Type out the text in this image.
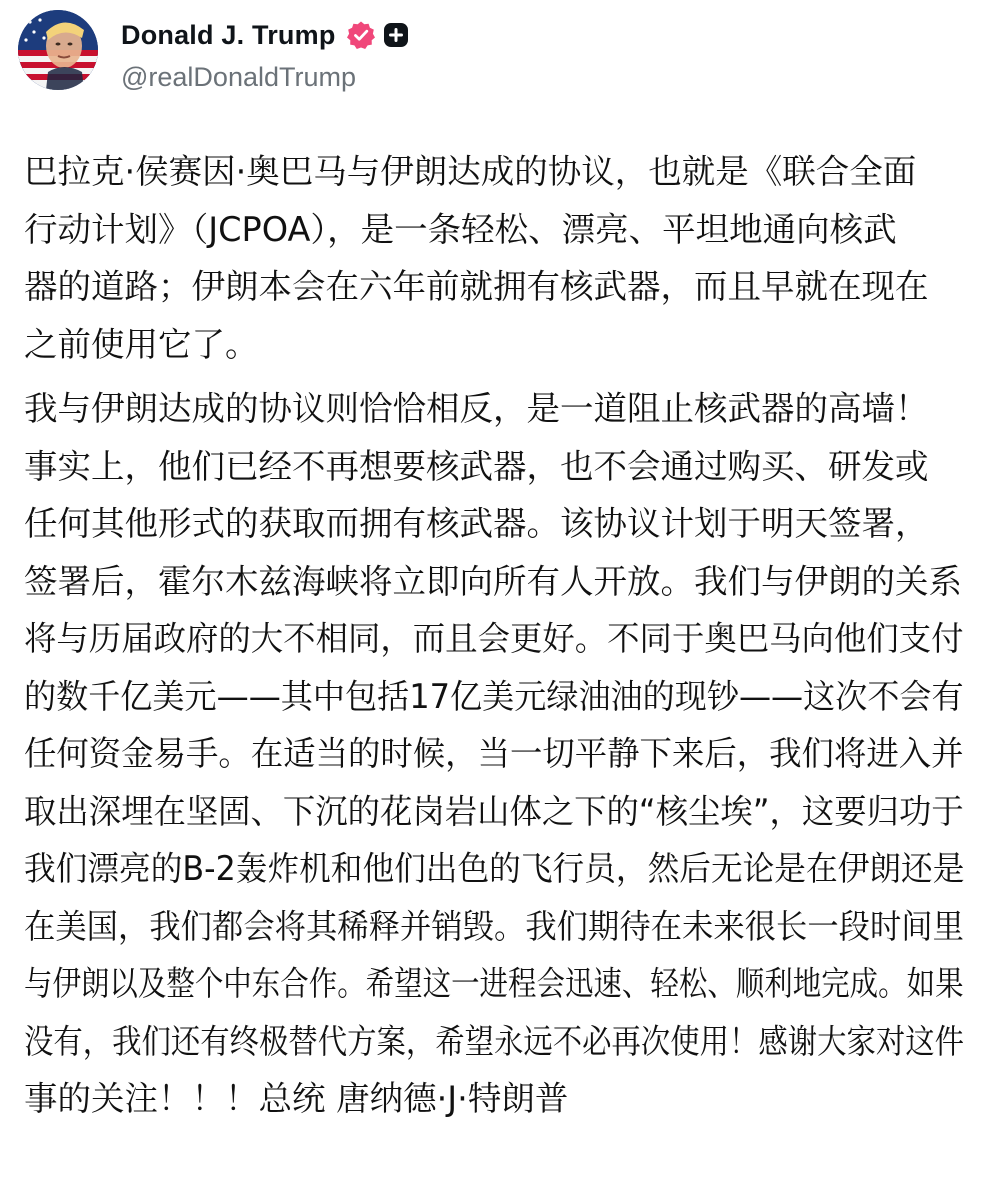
Donald J. Trump
@realDonaldTrump

巴拉克·侯赛因·奥巴马与伊朗达成的协议，也就是《联合全面
行动计划》（JCPOA），是一条轻松、漂亮、平坦地通向核武
器的道路；伊朗本会在六年前就拥有核武器，而且早就在现在
之前使用它了。

我与伊朗达成的协议则恰恰相反，是一道阻止核武器的高墙！
事实上，他们已经不再想要核武器，也不会通过购买、研发或
任何其他形式的获取而拥有核武器。该协议计划于明天签署，
签署后，霍尔木兹海峡将立即向所有人开放。我们与伊朗的关系
将与历届政府的大不相同，而且会更好。不同于奥巴马向他们支付
的数千亿美元——其中包括17亿美元绿油油的现钞——这次不会有
任何资金易手。在适当的时候，当一切平静下来后，我们将进入并
取出深埋在坚固、下沉的花岗岩山体之下的“核尘埃”，这要归功于
我们漂亮的B-2轰炸机和他们出色的飞行员，然后无论是在伊朗还是
在美国，我们都会将其稀释并销毁。我们期待在未来很长一段时间里
与伊朗以及整个中东合作。希望这一进程会迅速、轻松、顺利地完成。如果
没有，我们还有终极替代方案，希望永远不必再次使用！感谢大家对这件
事的关注！！！总统 唐纳德·J·特朗普
